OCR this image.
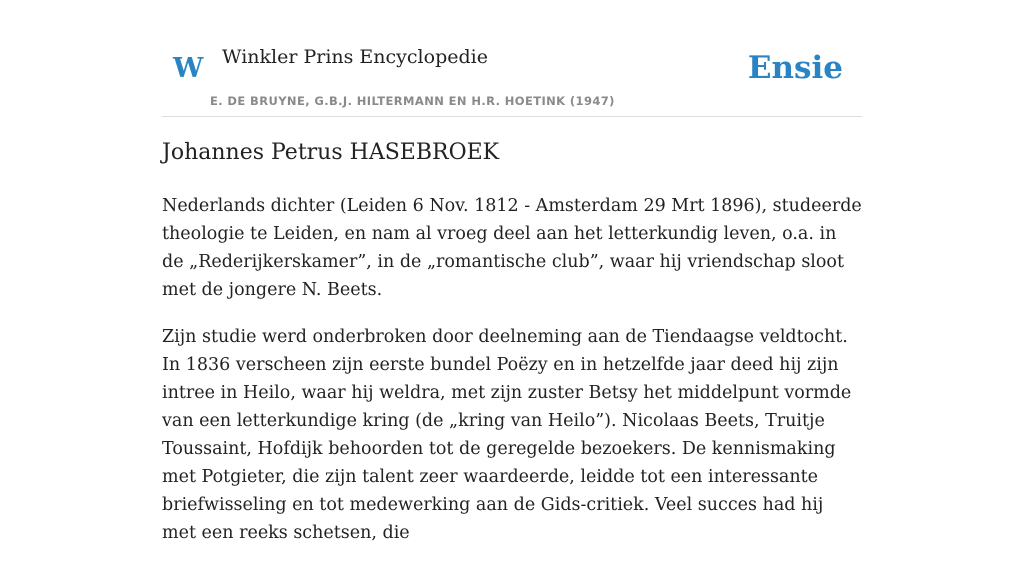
W Winkler Prins Encyclopedie	Ensie
E. DE BRUYNE, G.B.J. HILTERMANN EN H.R. HOETINK (1947)
Johannes Petrus HASEBROEK

Nederlands dichter (Leiden 6 Nov. 1812 - Amsterdam 29 Mrt 1896), studeerde theologie te Leiden, en nam al vroeg deel aan het letterkundig leven, o.a. in de „Rederijkerskamer”, in de „romantische club”, waar hij vriendschap sloot met de jongere N. Beets.

Zijn studie werd onderbroken door deelneming aan de Tiendaagse veldtocht. In 1836 verscheen zijn eerste bundel Poëzy en in hetzelfde jaar deed hij zijn intree in Heilo, waar hij weldra, met zijn zuster Betsy het middelpunt vormde van een letterkundige kring (de „kring van Heilo”). Nicolaas Beets, Truitje Toussaint, Hofdijk behoorden tot de geregelde bezoekers. De kennismaking met Potgieter, die zijn talent zeer waardeerde, leidde tot een interessante briefwisseling en tot medewerking aan de Gids-critiek. Veel succes had hij met een reeks schetsen, die
